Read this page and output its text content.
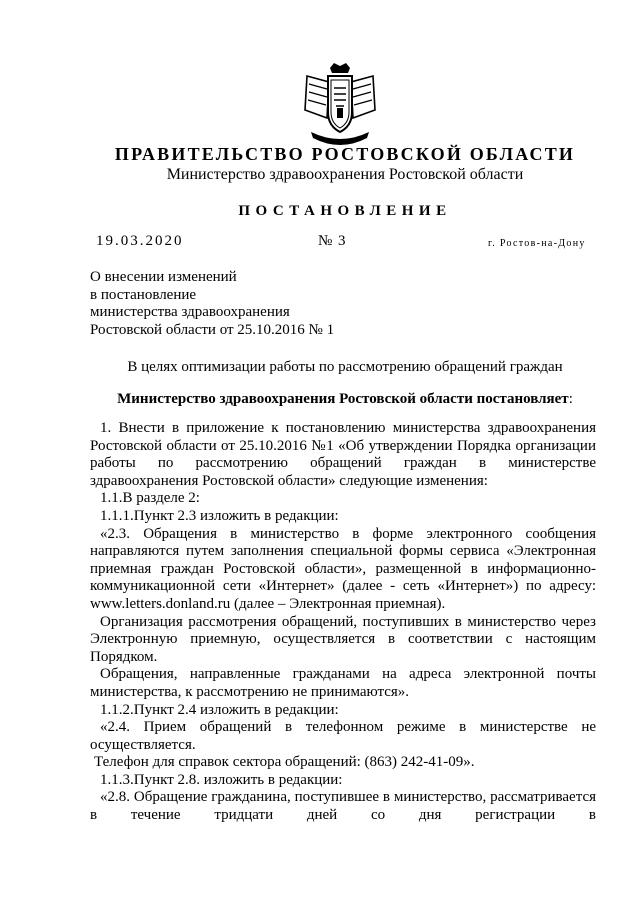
ПРАВИТЕЛЬСТВО РОСТОВСКОЙ ОБЛАСТИ
Министерство здравоохранения Ростовской области
ПОСТАНОВЛЕНИЕ
19.03.2020	№ 3	г. Ростов-на-Дону
О внесении изменений
в постановление
министерства здравоохранения
Ростовской области от 25.10.2016 № 1
В целях оптимизации работы по рассмотрению обращений граждан
Министерство здравоохранения Ростовской области постановляет:

1. Внести в приложение к постановлению министерства здравоохранения Ростовской области от 25.10.2016 №1 «Об утверждении Порядка организации работы по рассмотрению обращений граждан в министерстве здравоохранения Ростовской области» следующие изменения:

1.1.В разделе 2:

1.1.1.Пункт 2.3 изложить в редакции:

«2.3. Обращения в министерство в форме электронного сообщения направляются путем заполнения специальной формы сервиса «Электронная приемная граждан Ростовской области», размещенной в информационно-коммуникационной сети «Интернет» (далее - сеть «Интернет») по адресу: www.letters.donland.ru (далее – Электронная приемная).

Организация рассмотрения обращений, поступивших в министерство через Электронную приемную, осуществляется в соответствии с настоящим Порядком.

Обращения, направленные гражданами на адреса электронной почты министерства, к рассмотрению не принимаются».

1.1.2.Пункт 2.4 изложить в редакции:

«2.4. Прием обращений в телефонном режиме в министерстве не осуществляется.

Телефон для справок сектора обращений: (863) 242-41-09».

1.1.3.Пункт 2.8. изложить в редакции:

«2.8. Обращение гражданина, поступившее в министерство, рассматривается в течение тридцати дней со дня регистрации в
